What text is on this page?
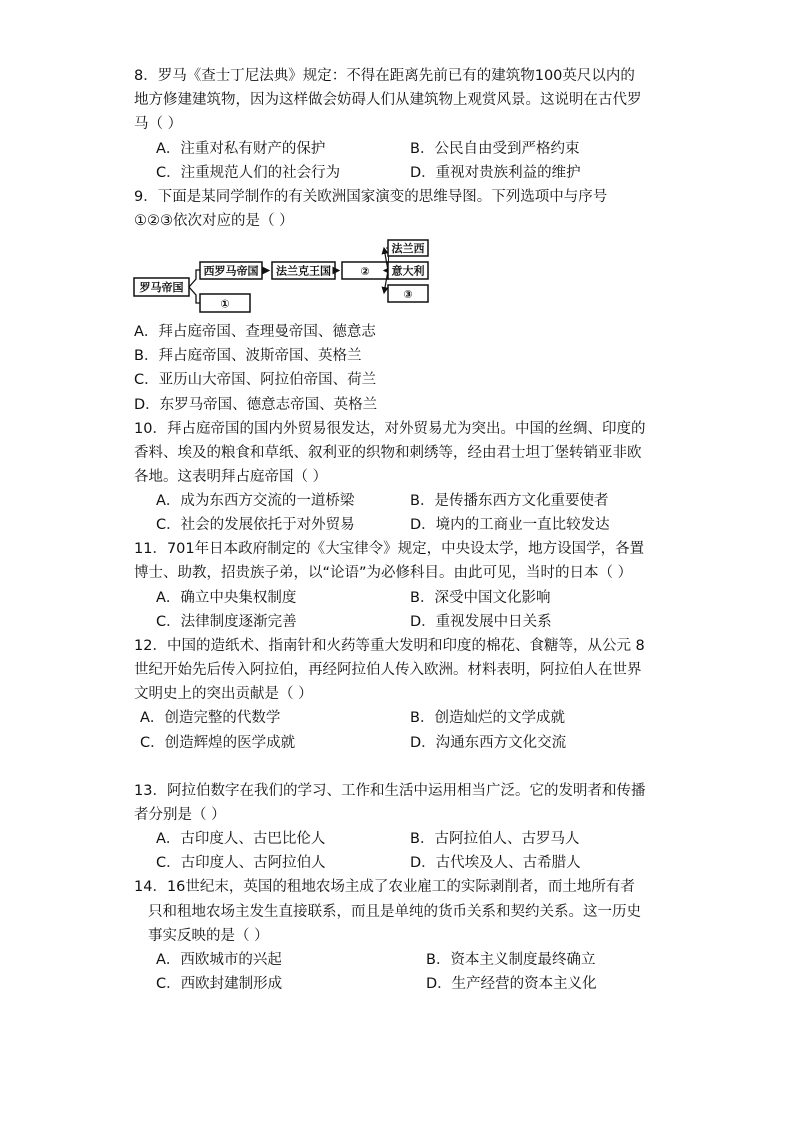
8．罗马《查士丁尼法典》规定：不得在距离先前已有的建筑物100英尺以内的
地方修建建筑物，因为这样做会妨碍人们从建筑物上观赏风景。这说明在古代罗
马（ ）
A．注重对私有财产的保护	B．公民自由受到严格约束
C．注重规范人们的社会行为	D．重视对贵族利益的维护
9．下面是某同学制作的有关欧洲国家演变的思维导图。下列选项中与序号
①②③依次对应的是（ ）
罗马帝国
西罗马帝国
①
法兰克王国	②
法兰西
意大利
③
A．拜占庭帝国、查理曼帝国、德意志
B．拜占庭帝国、波斯帝国、英格兰
C．亚历山大帝国、阿拉伯帝国、荷兰
D．东罗马帝国、德意志帝国、英格兰
10．拜占庭帝国的国内外贸易很发达，对外贸易尤为突出。中国的丝绸、印度的
香料、埃及的粮食和草纸、叙利亚的织物和刺绣等，经由君士坦丁堡转销亚非欧
各地。这表明拜占庭帝国（ ）
A．成为东西方交流的一道桥梁	B．是传播东西方文化重要使者
C．社会的发展依托于对外贸易	D．境内的工商业一直比较发达
11．701年日本政府制定的《大宝律令》规定，中央设太学，地方设国学，各置
博士、助教，招贵族子弟，以“论语”为必修科目。由此可见，当时的日本（ ）
A．确立中央集权制度	B．深受中国文化影响
C．法律制度逐渐完善	D．重视发展中日关系
12．中国的造纸术、指南针和火药等重大发明和印度的棉花、食糖等，从公元 8
世纪开始先后传入阿拉伯，再经阿拉伯人传入欧洲。材料表明，阿拉伯人在世界
文明史上的突出贡献是（ ）
A．创造完整的代数学	B．创造灿烂的文学成就
C．创造辉煌的医学成就	D．沟通东西方文化交流
13．阿拉伯数字在我们的学习、工作和生活中运用相当广泛。它的发明者和传播
者分别是（ ）
A．古印度人、古巴比伦人	B．古阿拉伯人、古罗马人
C．古印度人、古阿拉伯人	D．古代埃及人、古希腊人
14．16世纪末，英国的租地农场主成了农业雇工的实际剥削者，而土地所有者
只和租地农场主发生直接联系，而且是单纯的货币关系和契约关系。这一历史
事实反映的是（ ）
A．西欧城市的兴起	B．资本主义制度最终确立
C．西欧封建制形成	D．生产经营的资本主义化
